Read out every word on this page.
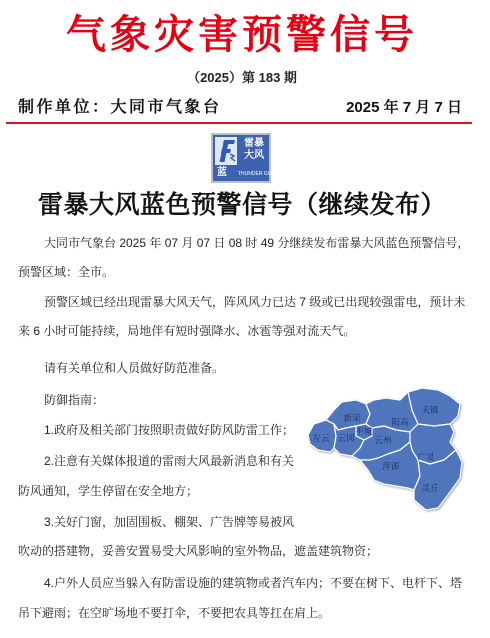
气象灾害预警信号
（2025）第 183 期
制作单位：大同市气象台	2025 年 7 月 7 日
雷暴
大风
蓝 THUNDER GUST
雷暴大风蓝色预警信号（继续发布）
大同市气象台 2025 年 07 月 07 日 08 时 49 分继续发布雷暴大风蓝色预警信号，
预警区域：全市。
预警区域已经出现雷暴大风天气，阵风风力已达 7 级或已出现较强雷电，预计未
来 6 小时可能持续，局地伴有短时强降水、冰雹等强对流天气。
请有关单位和人员做好防范准备。
防御指南：
1.政府及相关部门按照职责做好防风防雷工作；
2.注意有关媒体报道的雷雨大风最新消息和有关
防风通知，学生停留在安全地方；
3.关好门窗，加固围板、棚架、广告牌等易被风
吹动的搭建物，妥善安置易受大风影响的室外物品，遮盖建筑物资；
4.户外人员应当躲入有防雷设施的建筑物或者汽车内；不要在树下、电杆下、塔
吊下避雨；在空旷场地不要打伞，不要把农具等扛在肩上。
天镇
阳高
新荣
平城
云冈
左云	云州
广灵
浑源
灵丘
